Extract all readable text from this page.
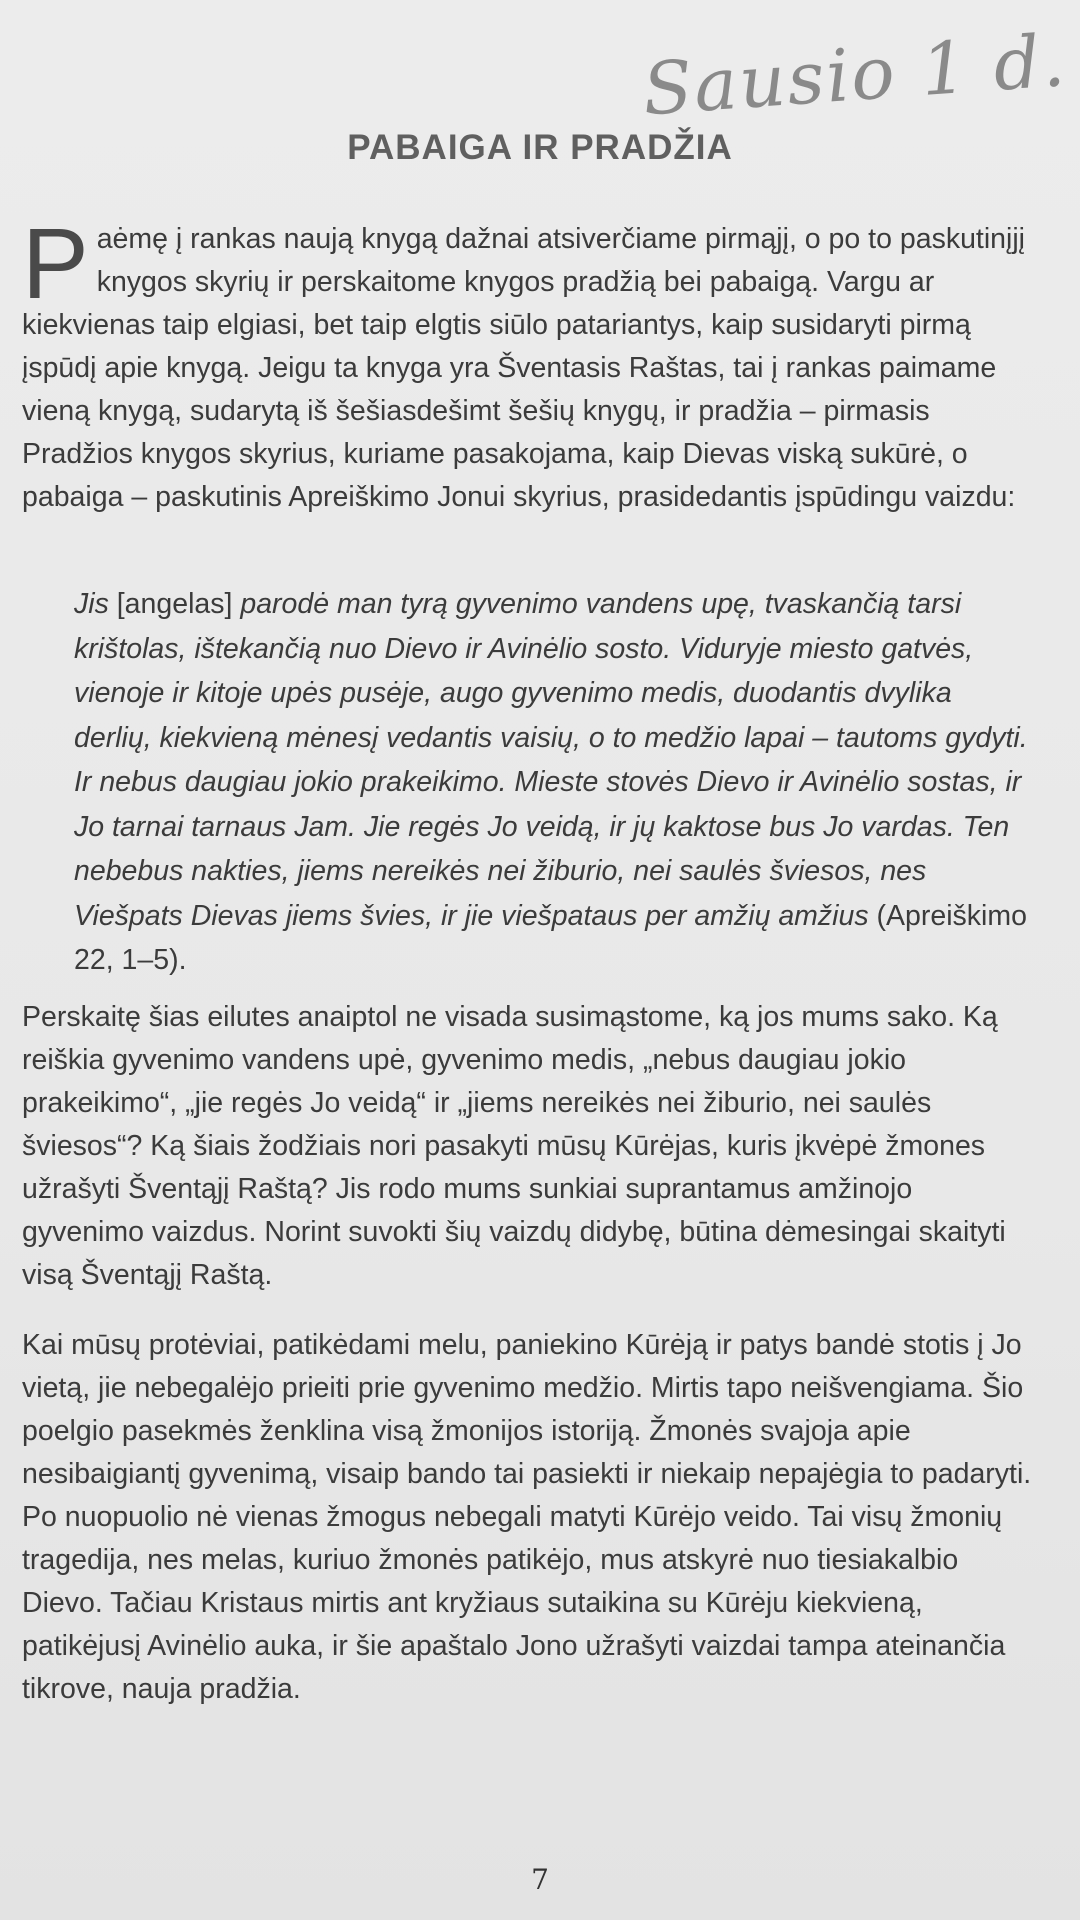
Sausio 1 d.
PABAIGA IR PRADŽIA
P aėmę į rankas naują knygą dažnai atsiverčiame pirmąjį, o po to paskutinįjį knygos skyrių ir perskaitome knygos pradžią bei pabaigą. Vargu ar kiekvienas taip elgiasi, bet taip elgtis siūlo patariantys, kaip susidaryti pirmą įspūdį apie knygą. Jeigu ta knyga yra Šventasis Raštas, tai į rankas paimame vieną knygą, sudarytą iš šešiasdešimt šešių knygų, ir pradžia – pirmasis Pradžios knygos skyrius, kuriame pasakojama, kaip Dievas viską sukūrė, o pabaiga – paskutinis Apreiškimo Jonui skyrius, prasidedantis įspūdingu vaizdu:
Jis [angelas] parodė man tyrą gyvenimo vandens upę, tvaskančią tarsi krištolas, ištekančią nuo Dievo ir Avinėlio sosto. Viduryje miesto gatvės, vienoje ir kitoje upės pusėje, augo gyvenimo medis, duodantis dvylika derlių, kiekvieną mėnesį vedantis vaisių, o to medžio lapai – tautoms gydyti. Ir nebus daugiau jokio prakeikimo. Mieste stovės Dievo ir Avinėlio sostas, ir Jo tarnai tarnaus Jam. Jie regės Jo veidą, ir jų kaktose bus Jo vardas. Ten nebebus nakties, jiems nereikės nei žiburio, nei saulės šviesos, nes Viešpats Dievas jiems švies, ir jie viešpataus per amžių amžius (Apreiškimo 22, 1–5).
Perskaitę šias eilutes anaiptol ne visada susimąstome, ką jos mums sako. Ką reiškia gyvenimo vandens upė, gyvenimo medis, „nebus daugiau jokio prakeikimo“, „jie regės Jo veidą“ ir „jiems nereikės nei žiburio, nei saulės šviesos“? Ką šiais žodžiais nori pasakyti mūsų Kūrėjas, kuris įkvėpė žmones užrašyti Šventąjį Raštą? Jis rodo mums sunkiai suprantamus amžinojo gyvenimo vaizdus. Norint suvokti šių vaizdų didybę, būtina dėmesingai skaityti visą Šventąjį Raštą.
Kai mūsų protėviai, patikėdami melu, paniekino Kūrėją ir patys bandė stotis į Jo vietą, jie nebegalėjo prieiti prie gyvenimo medžio. Mirtis tapo neišvengiama. Šio poelgio pasekmės ženklina visą žmonijos istoriją. Žmonės svajoja apie nesibaigiantį gyvenimą, visaip bando tai pasiekti ir niekaip nepajėgia to padaryti. Po nuopuolio nė vienas žmogus nebegali matyti Kūrėjo veido. Tai visų žmonių tragedija, nes melas, kuriuo žmonės patikėjo, mus atskyrė nuo tiesiakalbio Dievo. Tačiau Kristaus mirtis ant kryžiaus sutaikina su Kūrėju kiekvieną, patikėjusį Avinėlio auka, ir šie apaštalo Jono užrašyti vaizdai tampa ateinančia tikrove, nauja pradžia.
7
